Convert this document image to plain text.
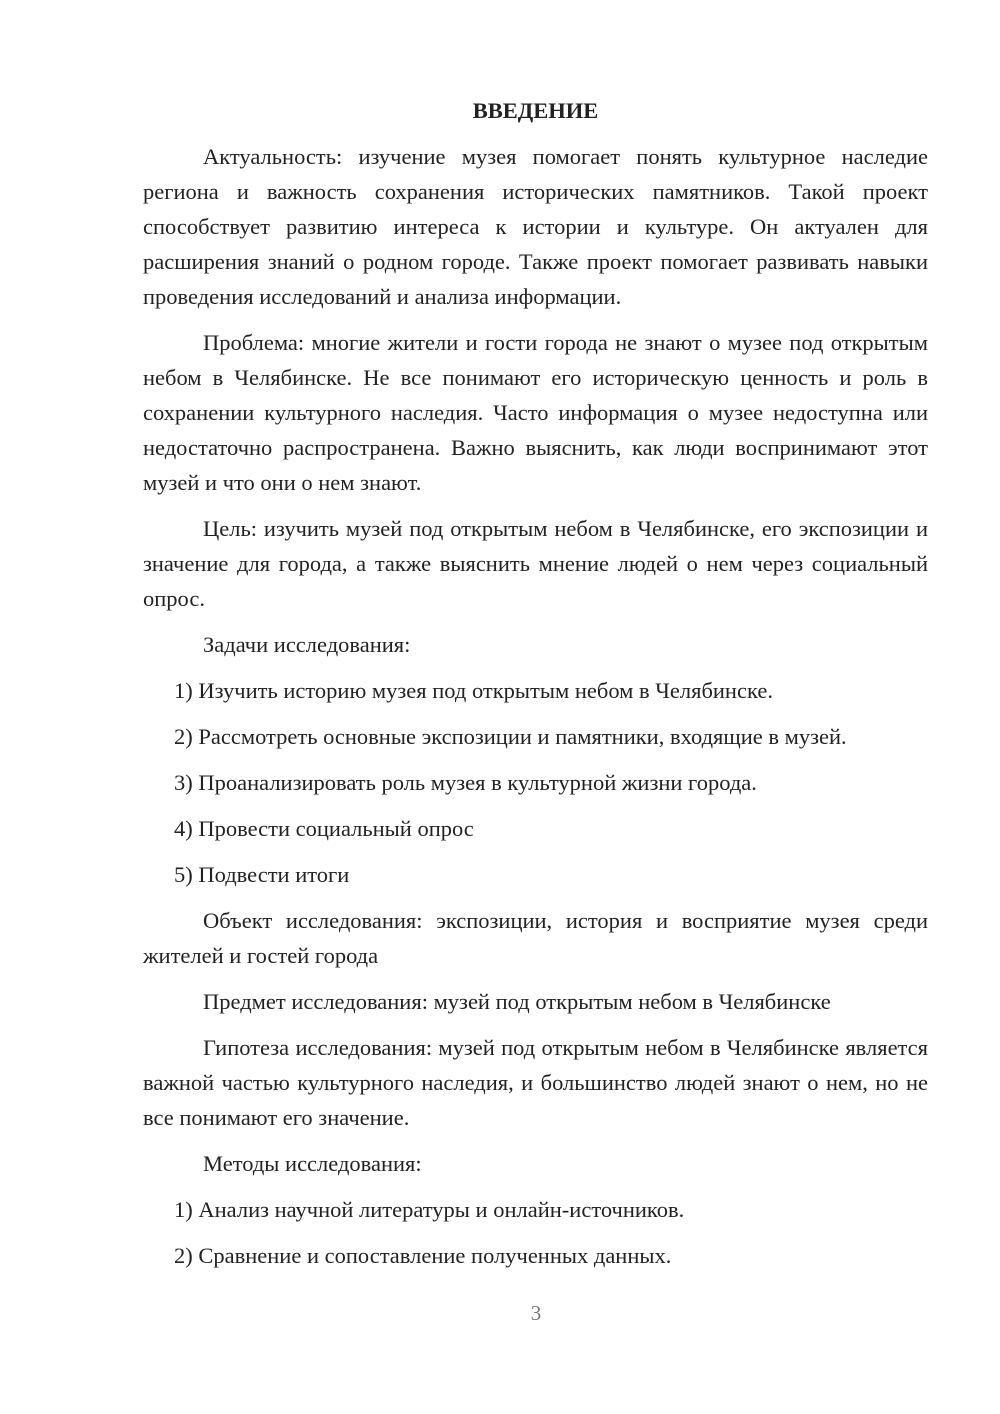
ВВЕДЕНИЕ

Актуальность: изучение музея помогает понять культурное наследие региона и важность сохранения исторических памятников. Такой проект способствует развитию интереса к истории и культуре. Он актуален для расширения знаний о родном городе. Также проект помогает развивать навыки проведения исследований и анализа информации.

Проблема: многие жители и гости города не знают о музее под открытым небом в Челябинске. Не все понимают его историческую ценность и роль в сохранении культурного наследия. Часто информация о музее недоступна или недостаточно распространена. Важно выяснить, как люди воспринимают этот музей и что они о нем знают.

Цель: изучить музей под открытым небом в Челябинске, его экспозиции и значение для города, а также выяснить мнение людей о нем через социальный опрос.

Задачи исследования:
1) Изучить историю музея под открытым небом в Челябинске.
2) Рассмотреть основные экспозиции и памятники, входящие в музей.
3) Проанализировать роль музея в культурной жизни города.
4) Провести социальный опрос
5) Подвести итоги

Объект исследования: экспозиции, история и восприятие музея среди жителей и гостей города

Предмет исследования: музей под открытым небом в Челябинске

Гипотеза исследования: музей под открытым небом в Челябинске является важной частью культурного наследия, и большинство людей знают о нем, но не все понимают его значение.

Методы исследования:
1) Анализ научной литературы и онлайн-источников.
2) Сравнение и сопоставление полученных данных.
3
